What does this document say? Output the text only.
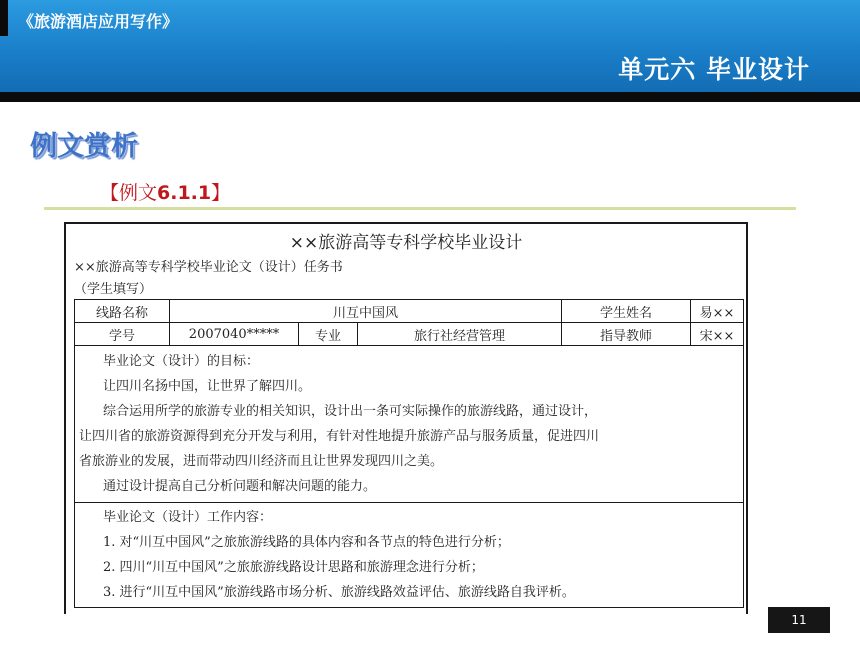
《旅游酒店应用写作》
单元六 毕业设计
例文赏析
【例文6.1.1】
××旅游高等专科学校毕业设计
××旅游高等专科学校毕业论文（设计）任务书
（学生填写）
线路名称	川互中国风			学生姓名	易××
学号	2007040*****	专业	旅行社经营管理	指导教师	宋××

毕业论文（设计）的目标：

让四川名扬中国，让世界了解四川。

综合运用所学的旅游专业的相关知识，设计出一条可实际操作的旅游线路，通过设计，

让四川省的旅游资源得到充分开发与利用，有针对性地提升旅游产品与服务质量，促进四川

省旅游业的发展，进而带动四川经济而且让世界发现四川之美。

通过设计提高自己分析问题和解决问题的能力。

毕业论文（设计）工作内容：

1. 对“川互中国风”之旅旅游线路的具体内容和各节点的特色进行分析；

2. 四川“川互中国风”之旅旅游线路设计思路和旅游理念进行分析；

3. 进行“川互中国风”旅游线路市场分析、旅游线路效益评估、旅游线路自我评析。

11
